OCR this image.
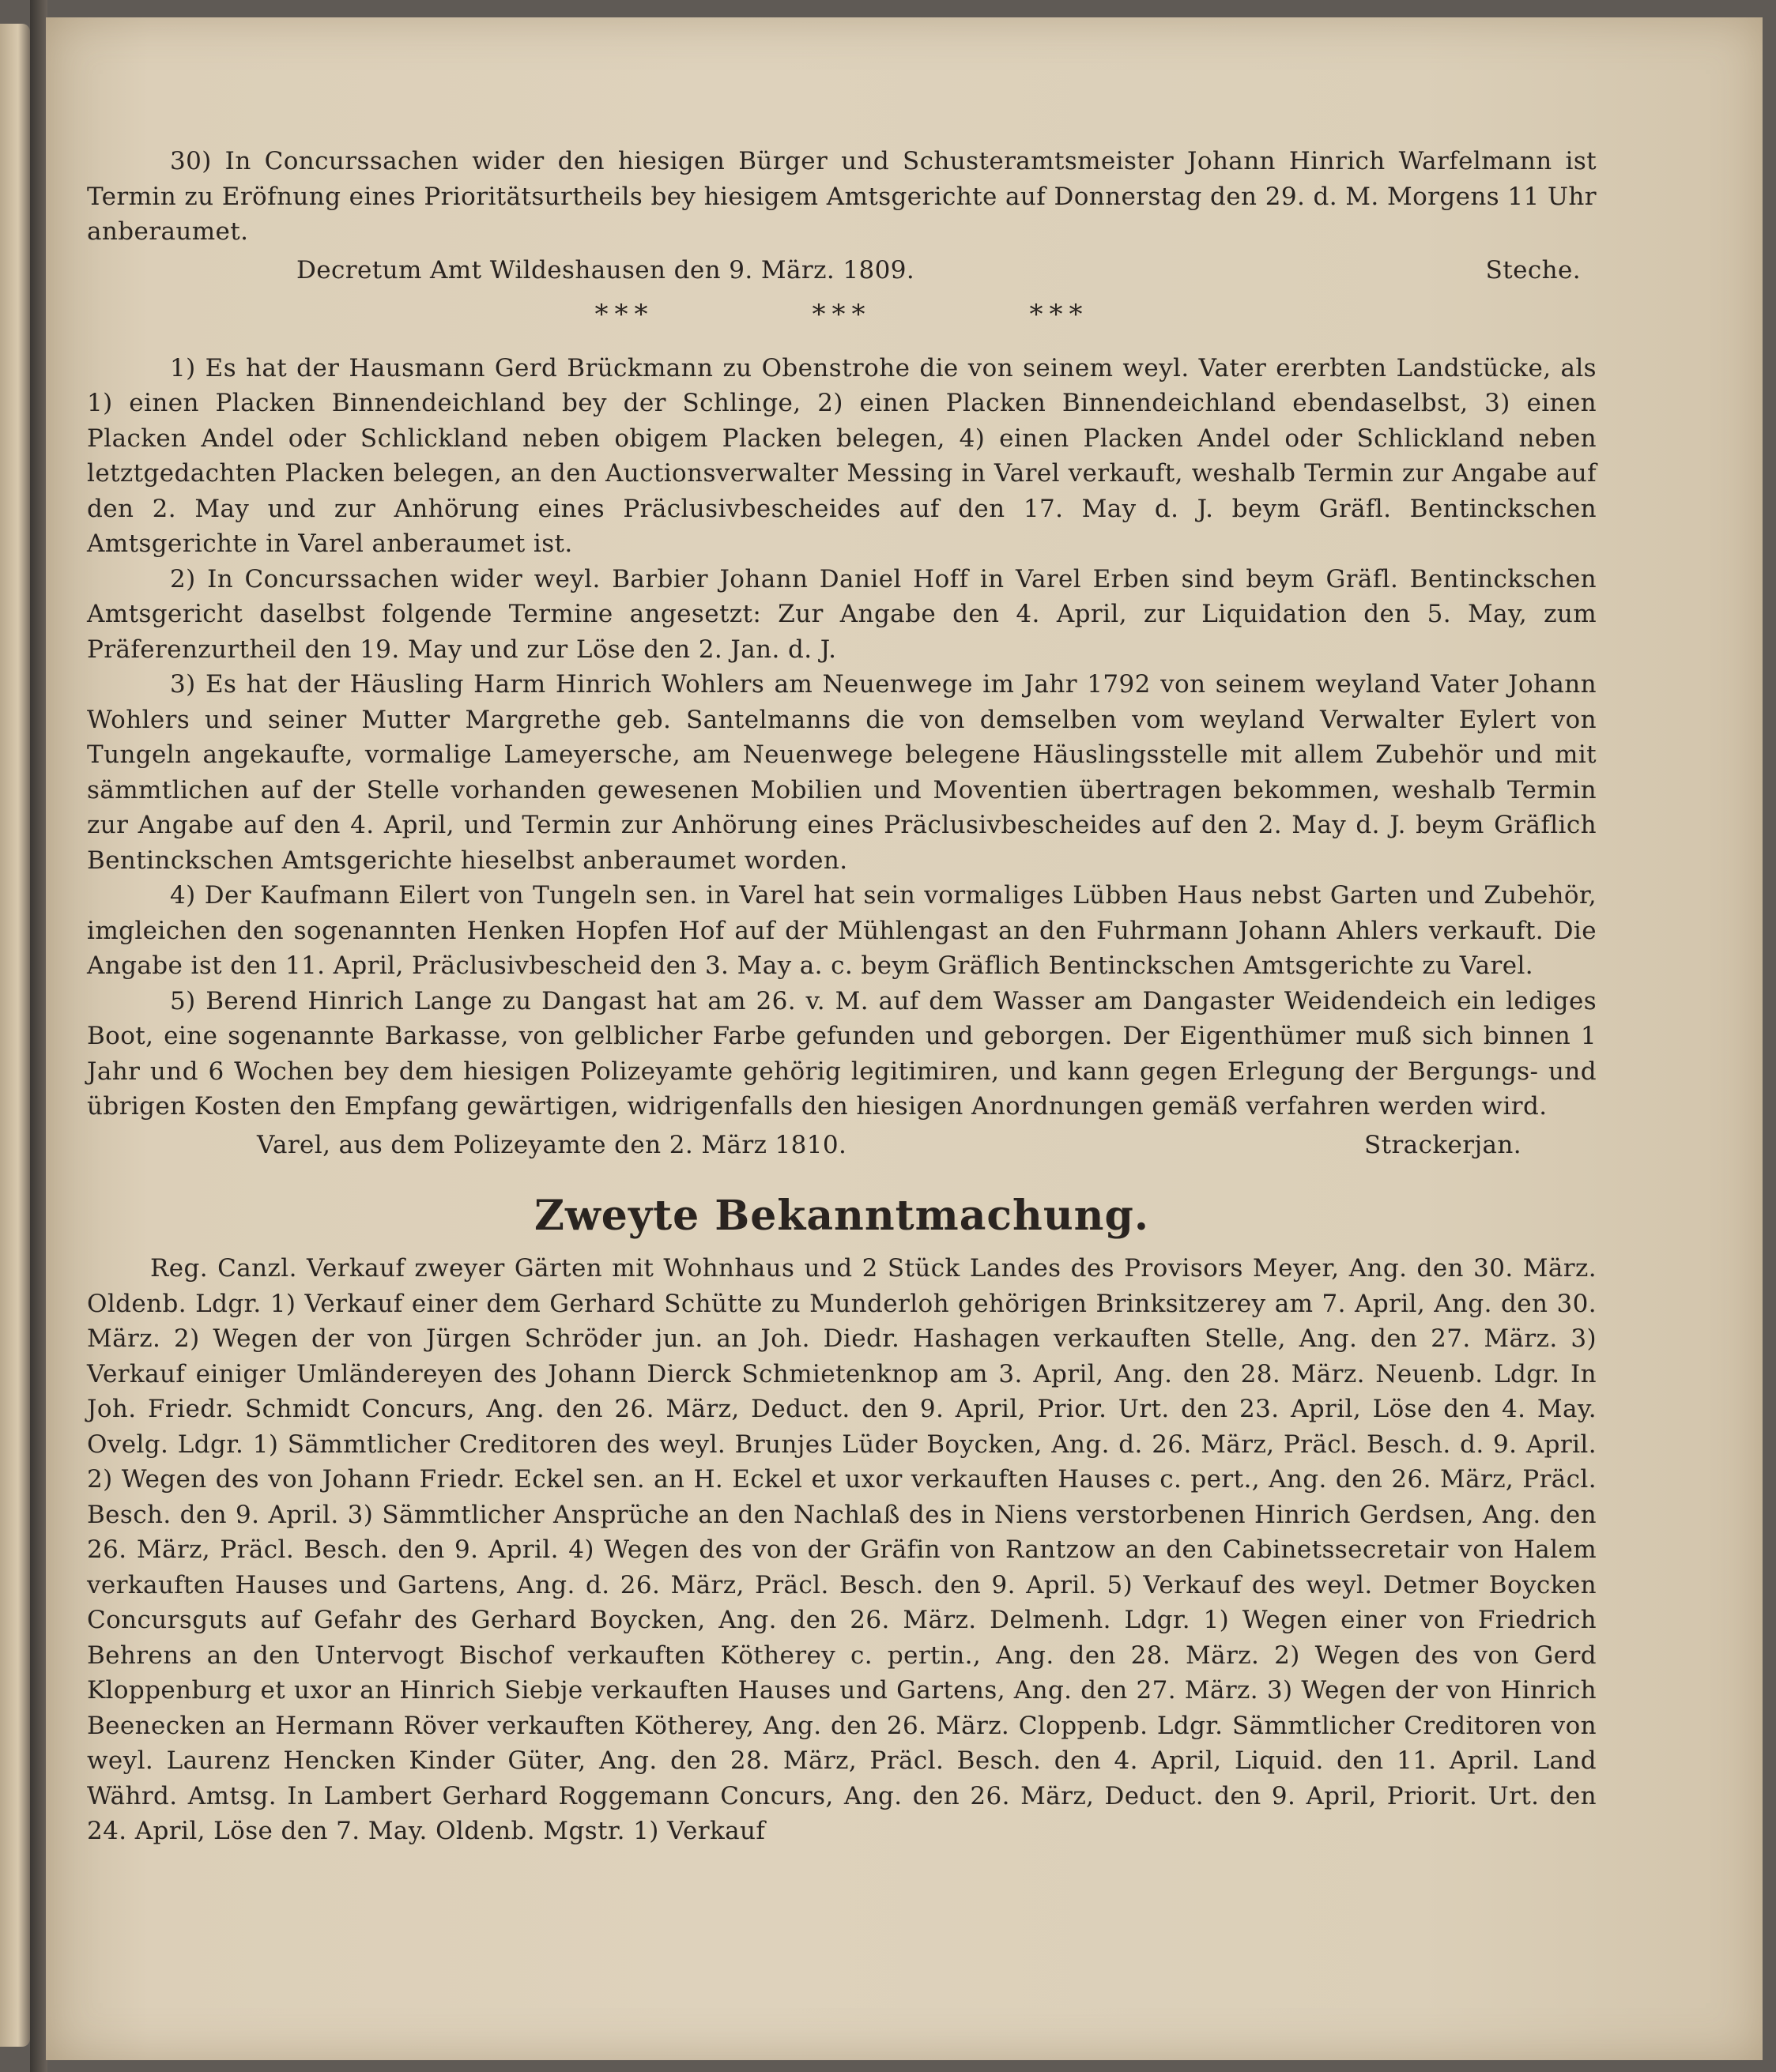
30) In Concurssachen wider den hiesigen Bürger und Schusteramtsmeister Johann Hinrich Warfelmann ist Termin zu Eröfnung eines Prioritätsurtheils bey hiesigem Amtsgerichte auf Donnerstag den 29. d. M. Morgens 11 Uhr anberaumet.

Decretum Amt Wildeshausen den 9. März. 1809.	Steche.
***	***	***

1) Es hat der Hausmann Gerd Brückmann zu Obenstrohe die von seinem weyl. Vater ererbten Landstücke, als 1) einen Placken Binnendeichland bey der Schlinge, 2) einen Placken Binnendeichland ebendaselbst, 3) einen Placken Andel oder Schlickland neben obigem Placken belegen, 4) einen Placken Andel oder Schlickland neben letztgedachten Placken belegen, an den Auctionsverwalter Messing in Varel verkauft, weshalb Termin zur Angabe auf den 2. May und zur Anhörung eines Präclusivbescheides auf den 17. May d. J. beym Gräfl. Bentinckschen Amtsgerichte in Varel anberaumet ist.

2) In Concurssachen wider weyl. Barbier Johann Daniel Hoff in Varel Erben sind beym Gräfl. Bentinckschen Amtsgericht daselbst folgende Termine angesetzt: Zur Angabe den 4. April, zur Liquidation den 5. May, zum Präferenzurtheil den 19. May und zur Löse den 2. Jan. d. J.

3) Es hat der Häusling Harm Hinrich Wohlers am Neuenwege im Jahr 1792 von seinem weyland Vater Johann Wohlers und seiner Mutter Margrethe geb. Santelmanns die von demselben vom weyland Verwalter Eylert von Tungeln angekaufte, vormalige Lameyersche, am Neuenwege belegene Häuslingsstelle mit allem Zubehör und mit sämmtlichen auf der Stelle vorhanden gewesenen Mobilien und Moventien übertragen bekommen, weshalb Termin zur Angabe auf den 4. April, und Termin zur Anhörung eines Präclusivbescheides auf den 2. May d. J. beym Gräflich Bentinckschen Amtsgerichte hieselbst anberaumet worden.

4) Der Kaufmann Eilert von Tungeln sen. in Varel hat sein vormaliges Lübben Haus nebst Garten und Zubehör, imgleichen den sogenannten Henken Hopfen Hof auf der Mühlengast an den Fuhrmann Johann Ahlers verkauft. Die Angabe ist den 11. April, Präclusivbescheid den 3. May a. c. beym Gräflich Bentinckschen Amtsgerichte zu Varel.

5) Berend Hinrich Lange zu Dangast hat am 26. v. M. auf dem Wasser am Dangaster Weidendeich ein lediges Boot, eine sogenannte Barkasse, von gelblicher Farbe gefunden und geborgen. Der Eigenthümer muß sich binnen 1 Jahr und 6 Wochen bey dem hiesigen Polizeyamte gehörig legitimiren, und kann gegen Erlegung der Bergungs- und übrigen Kosten den Empfang gewärtigen, widrigenfalls den hiesigen Anordnungen gemäß verfahren werden wird.

Varel, aus dem Polizeyamte den 2. März 1810.	Strackerjan.
Zweyte Bekanntmachung.

Reg. Canzl. Verkauf zweyer Gärten mit Wohnhaus und 2 Stück Landes des Provisors Meyer, Ang. den 30. März. Oldenb. Ldgr. 1) Verkauf einer dem Gerhard Schütte zu Munderloh gehörigen Brinksitzerey am 7. April, Ang. den 30. März. 2) Wegen der von Jürgen Schröder jun. an Joh. Diedr. Hashagen verkauften Stelle, Ang. den 27. März. 3) Verkauf einiger Umländereyen des Johann Dierck Schmietenknop am 3. April, Ang. den 28. März. Neuenb. Ldgr. In Joh. Friedr. Schmidt Concurs, Ang. den 26. März, Deduct. den 9. April, Prior. Urt. den 23. April, Löse den 4. May. Ovelg. Ldgr. 1) Sämmtlicher Creditoren des weyl. Brunjes Lüder Boycken, Ang. d. 26. März, Präcl. Besch. d. 9. April. 2) Wegen des von Johann Friedr. Eckel sen. an H. Eckel et uxor verkauften Hauses c. pert., Ang. den 26. März, Präcl. Besch. den 9. April. 3) Sämmtlicher Ansprüche an den Nachlaß des in Niens verstorbenen Hinrich Gerdsen, Ang. den 26. März, Präcl. Besch. den 9. April. 4) Wegen des von der Gräfin von Rantzow an den Cabinetssecretair von Halem verkauften Hauses und Gartens, Ang. d. 26. März, Präcl. Besch. den 9. April. 5) Verkauf des weyl. Detmer Boycken Concursguts auf Gefahr des Gerhard Boycken, Ang. den 26. März. Delmenh. Ldgr. 1) Wegen einer von Friedrich Behrens an den Untervogt Bischof verkauften Kötherey c. pertin., Ang. den 28. März. 2) Wegen des von Gerd Kloppenburg et uxor an Hinrich Siebje verkauften Hauses und Gartens, Ang. den 27. März. 3) Wegen der von Hinrich Beenecken an Hermann Röver verkauften Kötherey, Ang. den 26. März. Cloppenb. Ldgr. Sämmtlicher Creditoren von weyl. Laurenz Hencken Kinder Güter, Ang. den 28. März, Präcl. Besch. den 4. April, Liquid. den 11. April. Land Währd. Amtsg. In Lambert Gerhard Roggemann Concurs, Ang. den 26. März, Deduct. den 9. April, Priorit. Urt. den 24. April, Löse den 7. May. Oldenb. Mgstr. 1) Verkauf
